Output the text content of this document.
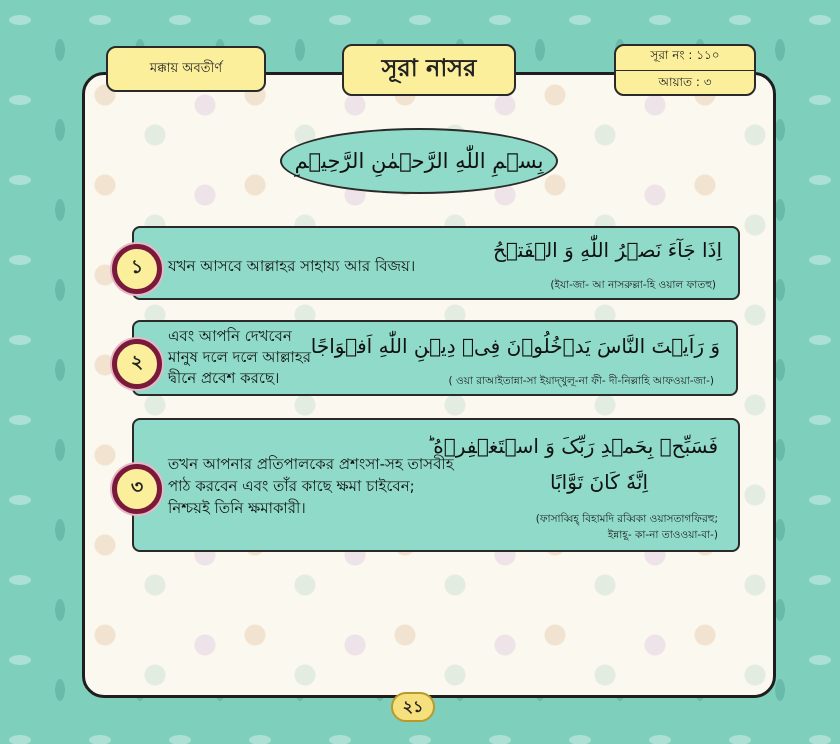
মক্কায় অবতীর্ণ	সূরা নাসর	সূরা নং : ১১০
আয়াত : ৩
بِسۡمِ اللّٰهِ الرَّحۡمٰنِ الرَّحِیۡمِ
যখন আসবে আল্লাহর সাহায্য আর বিজয়।
اِذَا جَآءَ نَصۡرُ اللّٰهِ وَ الۡفَتۡحُ
(ইযা-জা- আ নাসরুল্লা-হি ওয়াল ফাতহু)
১
এবং আপনি দেখবেন
মানুষ দলে দলে আল্লাহর
দ্বীনে প্রবেশ করছে।
وَ رَاَیۡتَ النَّاسَ یَدۡخُلُوۡنَ فِیۡ دِیۡنِ اللّٰهِ اَفۡوَاجًا
( ওয়া রাআইতান্না-সা ইয়াদ্‌খুলূ-না ফী- দী-নিল্লাহি আফওয়া-জা-)
২
তখন আপনার প্রতিপালকের প্রশংসা-সহ তাসবীহ
পাঠ করবেন এবং তাঁর কাছে ক্ষমা চাইবেন;
নিশ্চয়ই তিনি ক্ষমাকারী।
فَسَبِّحۡ بِحَمۡدِ رَبِّکَ وَ اسۡتَغۡفِرۡهُ ؕ
اِنَّهٗ کَانَ تَوَّابًا
(ফাসাব্বিহ্‌ বিহামদি রব্বিকা ওয়াসতাগফিরহু;
ইন্নাহূ- কা-না তাওওয়া-বা-)
৩
২১
